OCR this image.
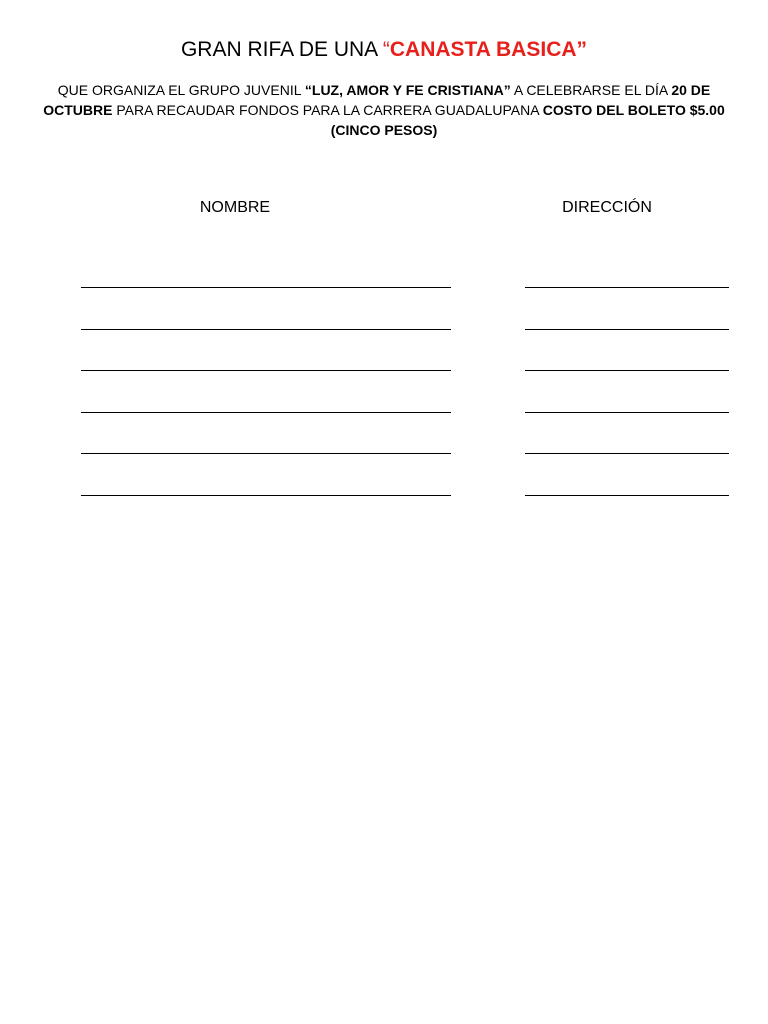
GRAN RIFA DE UNA “CANASTA BASICA”
QUE ORGANIZA EL GRUPO JUVENIL “LUZ, AMOR Y FE CRISTIANA” A CELEBRARSE EL DÍA 20 DE OCTUBRE PARA RECAUDAR FONDOS PARA LA CARRERA GUADALUPANA COSTO DEL BOLETO $5.00 (CINCO PESOS)
NOMBRE	DIRECCIÓN
